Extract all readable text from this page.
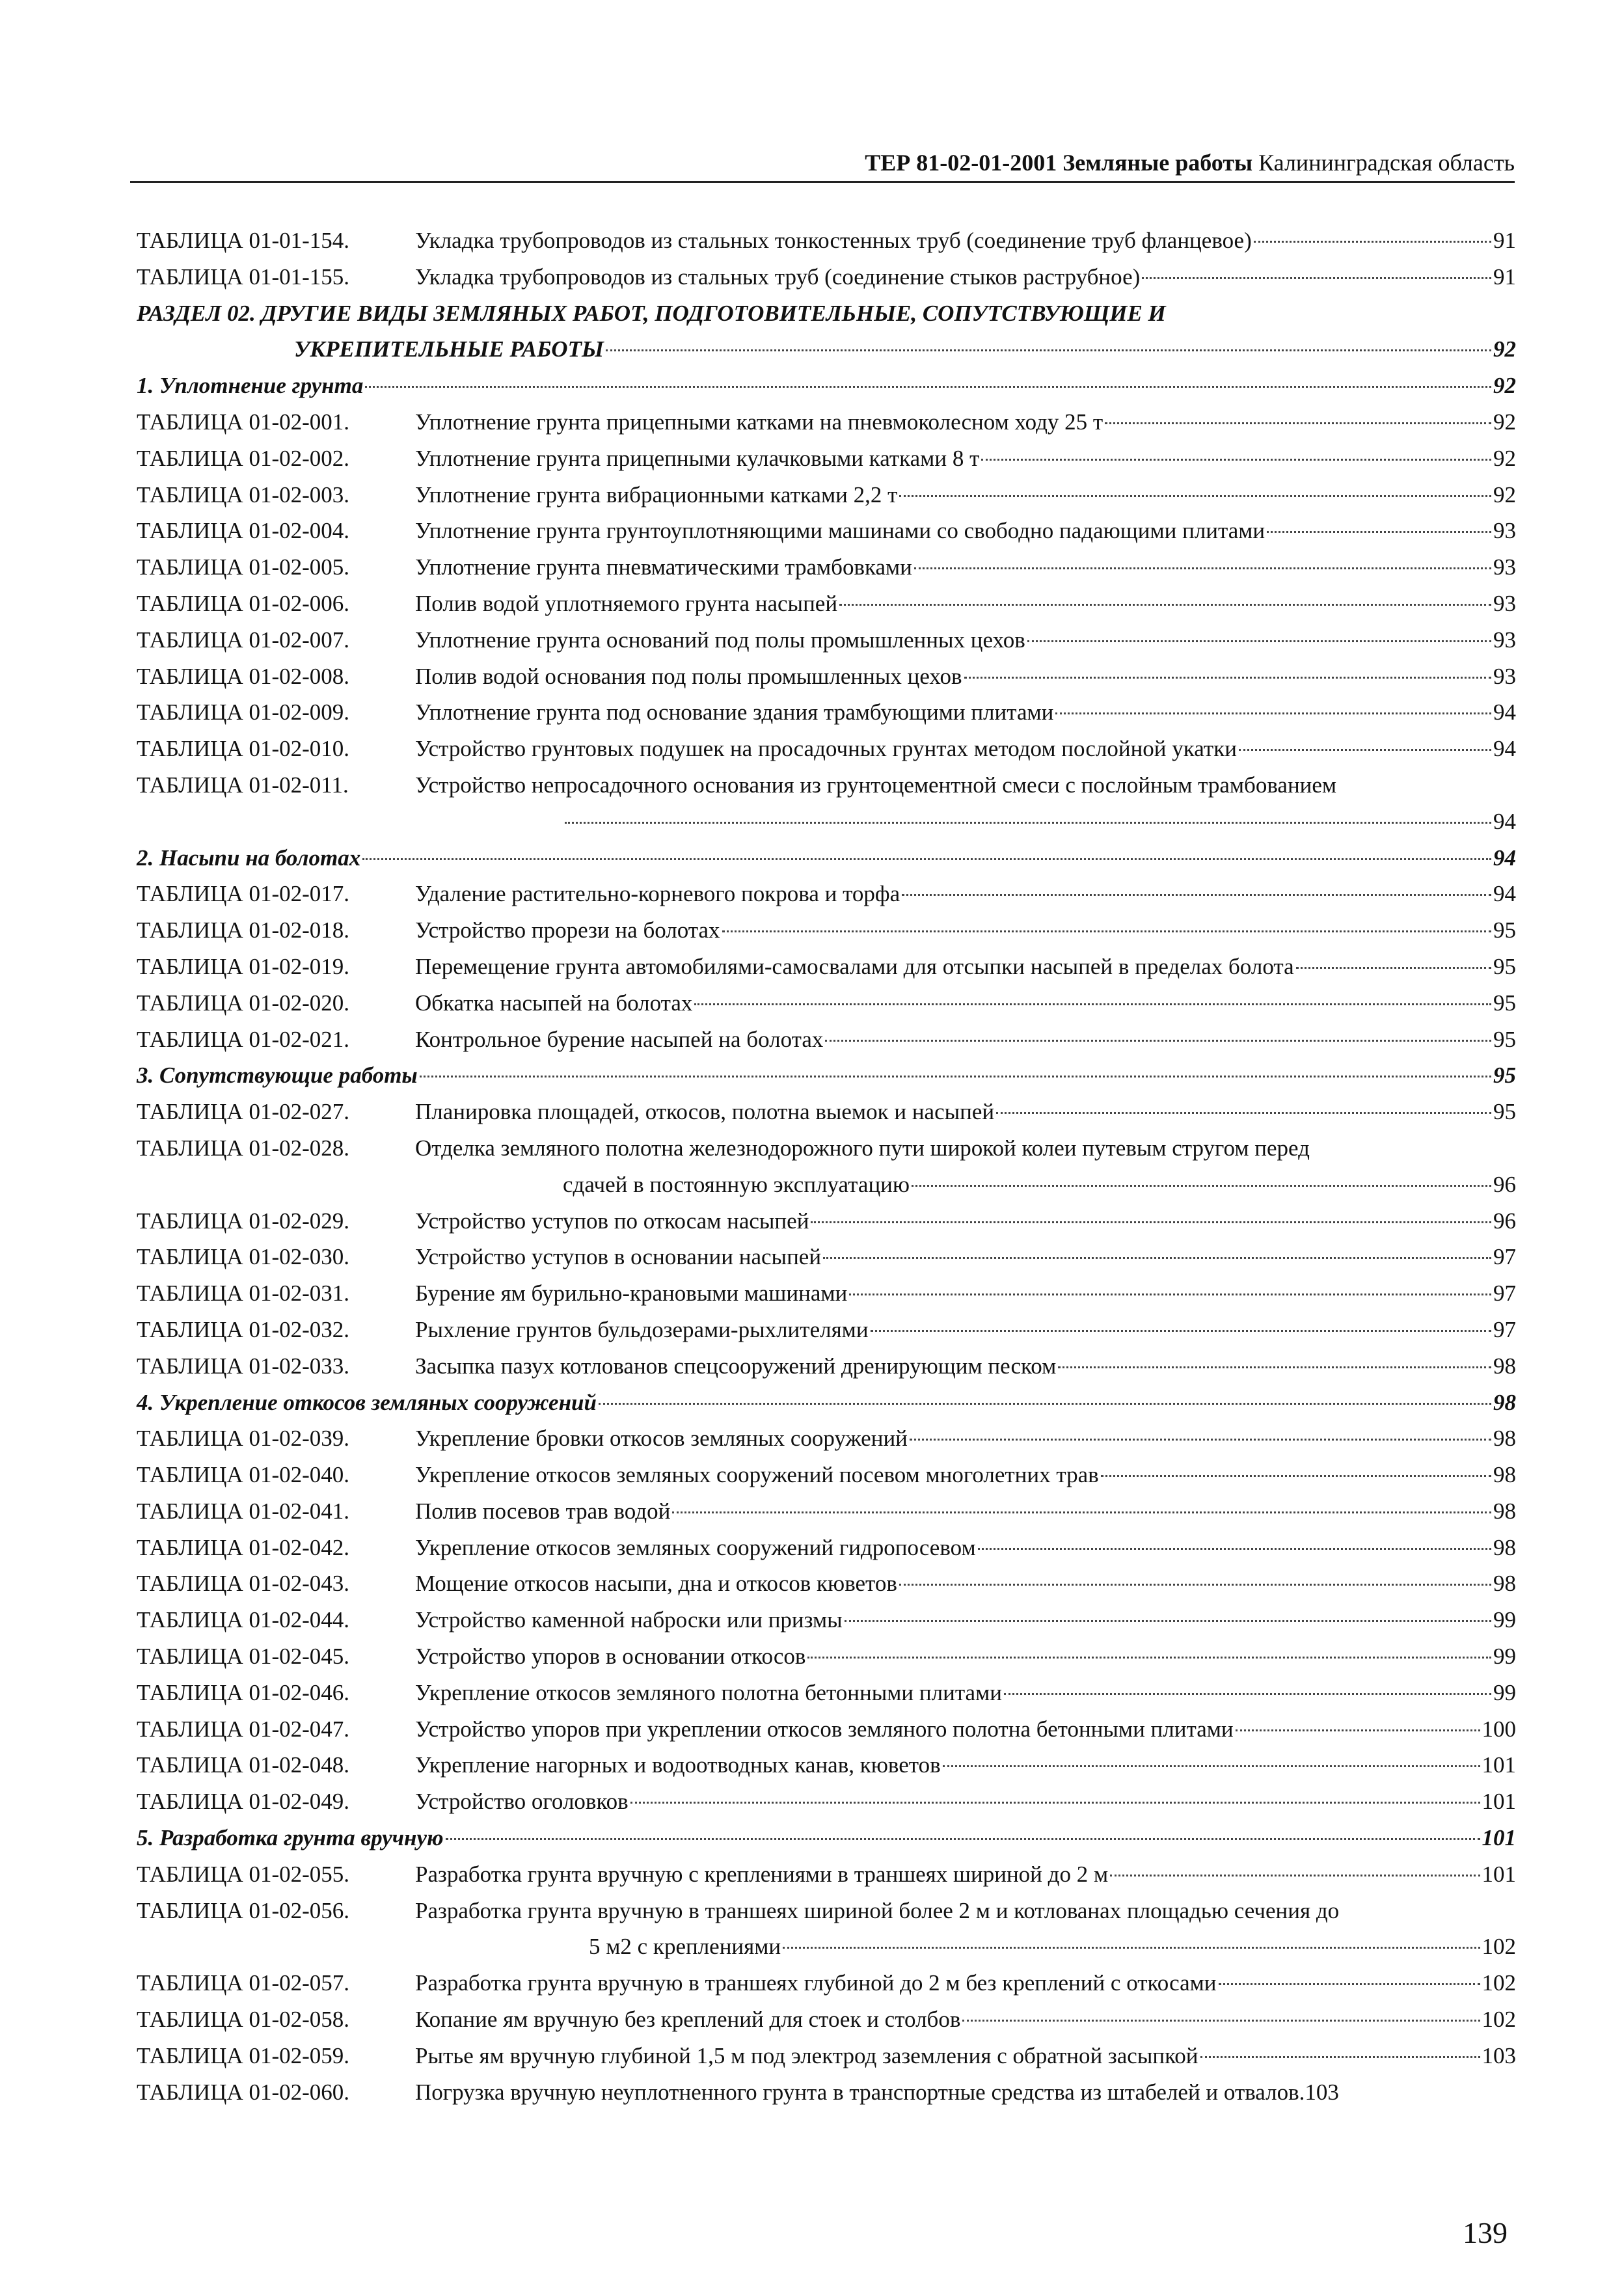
ТЕР 81-02-01-2001 Земляные работы Калининградская область
ТАБЛИЦА 01-01-154.	Укладка трубопроводов из стальных тонкостенных труб (соединение труб фланцевое)	91
ТАБЛИЦА 01-01-155.	Укладка трубопроводов из стальных труб (соединение стыков раструбное)	91
РАЗДЕЛ 02. ДРУГИЕ ВИДЫ ЗЕМЛЯНЫХ РАБОТ, ПОДГОТОВИТЕЛЬНЫЕ, СОПУТСТВУЮЩИЕ И
УКРЕПИТЕЛЬНЫЕ РАБОТЫ	92
1. Уплотнение грунта	92
ТАБЛИЦА 01-02-001.	Уплотнение грунта прицепными катками на пневмоколесном ходу 25 т	92
ТАБЛИЦА 01-02-002.	Уплотнение грунта прицепными кулачковыми катками 8 т	92
ТАБЛИЦА 01-02-003.	Уплотнение грунта вибрационными катками 2,2 т	92
ТАБЛИЦА 01-02-004.	Уплотнение грунта грунтоуплотняющими машинами со свободно падающими плитами	93
ТАБЛИЦА 01-02-005.	Уплотнение грунта пневматическими трамбовками	93
ТАБЛИЦА 01-02-006.	Полив водой уплотняемого грунта насыпей	93
ТАБЛИЦА 01-02-007.	Уплотнение грунта оснований под полы промышленных цехов	93
ТАБЛИЦА 01-02-008.	Полив водой основания под полы промышленных цехов	93
ТАБЛИЦА 01-02-009.	Уплотнение грунта под основание здания трамбующими плитами	94
ТАБЛИЦА 01-02-010.	Устройство грунтовых подушек на просадочных грунтах методом послойной укатки	94
ТАБЛИЦА 01-02-011.	Устройство непросадочного основания из грунтоцементной смеси с послойным трамбованием
94
2. Насыпи на болотах	94
ТАБЛИЦА 01-02-017.	Удаление растительно-корневого покрова и торфа	94
ТАБЛИЦА 01-02-018.	Устройство прорези на болотах	95
ТАБЛИЦА 01-02-019.	Перемещение грунта автомобилями-самосвалами для отсыпки насыпей в пределах болота	95
ТАБЛИЦА 01-02-020.	Обкатка насыпей на болотах	95
ТАБЛИЦА 01-02-021.	Контрольное бурение насыпей на болотах	95
3. Сопутствующие работы	95
ТАБЛИЦА 01-02-027.	Планировка площадей, откосов, полотна выемок и насыпей	95
ТАБЛИЦА 01-02-028.	Отделка земляного полотна железнодорожного пути широкой колеи путевым стругом перед
сдачей в постоянную эксплуатацию	96
ТАБЛИЦА 01-02-029.	Устройство уступов по откосам насыпей	96
ТАБЛИЦА 01-02-030.	Устройство уступов в основании насыпей	97
ТАБЛИЦА 01-02-031.	Бурение ям бурильно-крановыми машинами	97
ТАБЛИЦА 01-02-032.	Рыхление грунтов бульдозерами-рыхлителями	97
ТАБЛИЦА 01-02-033.	Засыпка пазух котлованов спецсооружений дренирующим песком	98
4. Укрепление откосов земляных сооружений	98
ТАБЛИЦА 01-02-039.	Укрепление бровки откосов земляных сооружений	98
ТАБЛИЦА 01-02-040.	Укрепление откосов земляных сооружений посевом многолетних трав	98
ТАБЛИЦА 01-02-041.	Полив посевов трав водой	98
ТАБЛИЦА 01-02-042.	Укрепление откосов земляных сооружений гидропосевом	98
ТАБЛИЦА 01-02-043.	Мощение откосов насыпи, дна и откосов кюветов	98
ТАБЛИЦА 01-02-044.	Устройство каменной наброски или призмы	99
ТАБЛИЦА 01-02-045.	Устройство упоров в основании откосов	99
ТАБЛИЦА 01-02-046.	Укрепление откосов земляного полотна бетонными плитами	99
ТАБЛИЦА 01-02-047.	Устройство упоров при укреплении откосов земляного полотна бетонными плитами	100
ТАБЛИЦА 01-02-048.	Укрепление нагорных и водоотводных канав, кюветов	101
ТАБЛИЦА 01-02-049.	Устройство оголовков	101
5. Разработка грунта вручную	101
ТАБЛИЦА 01-02-055.	Разработка грунта вручную с креплениями в траншеях шириной до 2 м	101
ТАБЛИЦА 01-02-056.	Разработка грунта вручную в траншеях шириной более 2 м и котлованах площадью сечения до
5 м2 с креплениями	102
ТАБЛИЦА 01-02-057.	Разработка грунта вручную в траншеях глубиной до 2 м без креплений с откосами	102
ТАБЛИЦА 01-02-058.	Копание ям вручную без креплений для стоек и столбов	102
ТАБЛИЦА 01-02-059.	Рытье ям вручную глубиной 1,5 м под электрод заземления с обратной засыпкой	103
ТАБЛИЦА 01-02-060.	Погрузка вручную неуплотненного грунта в транспортные средства из штабелей и отвалов. 103
139
